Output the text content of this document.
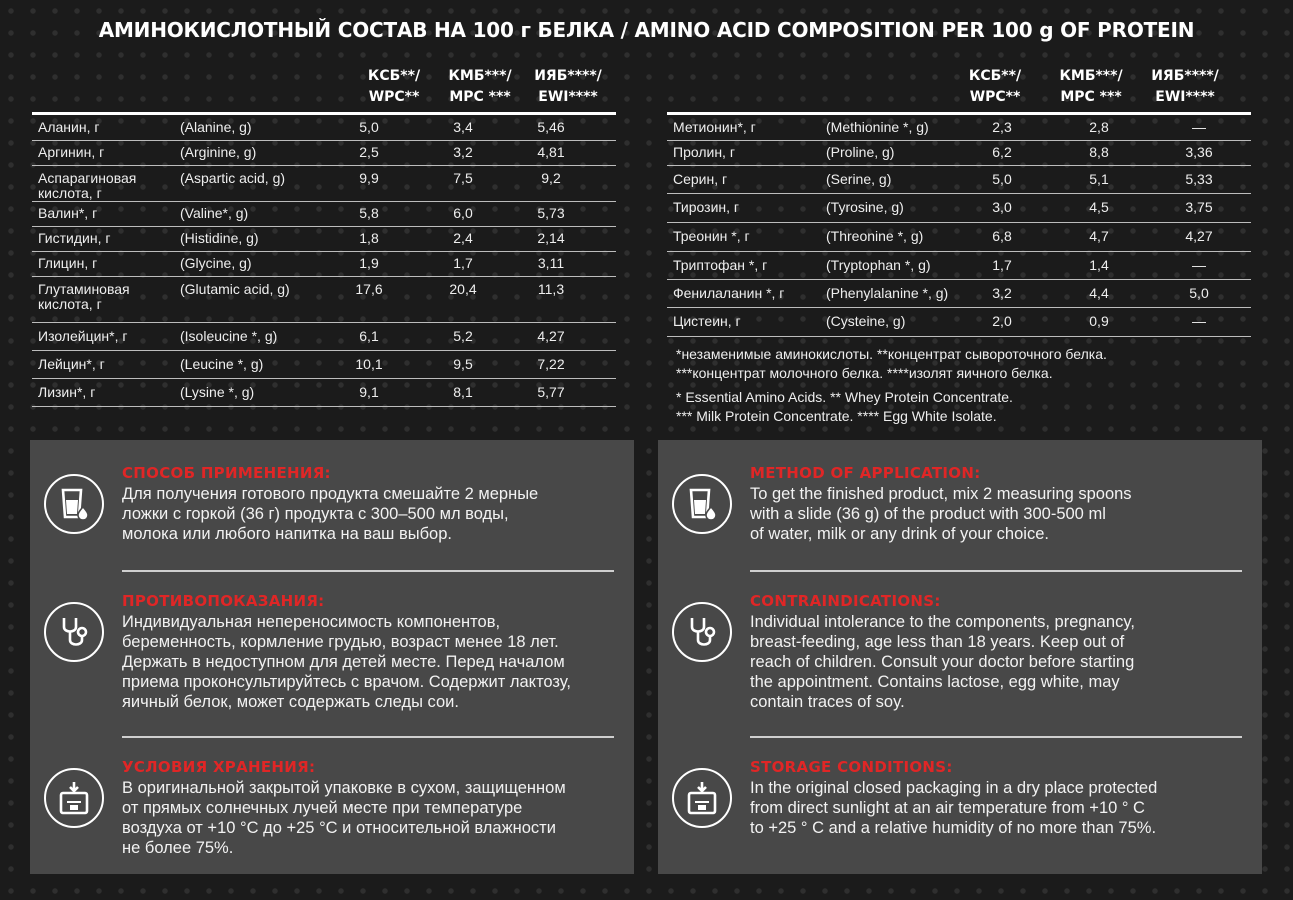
АМИНОКИСЛОТНЫЙ СОСТАВ НА 100 г БЕЛКА / AMINO ACID COMPOSITION PER 100 g OF PROTEIN
КСБ**/
WPC**
КМБ***/
MPC ***
ИЯБ****/
EWI****
Аланин, г	(Alanine, g)	5,0	3,4	5,46
Аргинин, г	(Arginine, g)	2,5	3,2	4,81
Аспарагиновая кислота, г
(Aspartic acid, g)	9,9	7,5	9,2
Валин*, г	(Valine*, g)	5,8	6,0	5,73
Гистидин, г	(Histidine, g)	1,8	2,4	2,14
Глицин, г	(Glycine, g)	1,9	1,7	3,11
Глутаминовая кислота, г
(Glutamic acid, g)	17,6	20,4	11,3
Изолейцин*, г	(Isoleucine *, g)	6,1	5,2	4,27
Лейцин*, г	(Leucine *, g)	10,1	9,5	7,22
Лизин*, г	(Lysine *, g)	9,1	8,1	5,77
КСБ**/
WPC**
КМБ***/
MPC ***
ИЯБ****/
EWI****
Метионин*, г	(Methionine *, g)	2,3	2,8	—
Пролин, г	(Proline, g)	6,2	8,8	3,36
Серин, г	(Serine, g)	5,0	5,1	5,33
Тирозин, г	(Tyrosine, g)	3,0	4,5	3,75
Треонин *, г	(Threonine *, g)	6,8	4,7	4,27
Триптофан *, г	(Tryptophan *, g)	1,7	1,4	—
Фенилаланин *, г	(Phenylalanine *, g)	3,2	4,4	5,0
Цистеин, г	(Cysteine, g)	2,0	0,9	—
*незаменимые аминокислоты. **концентрат сывороточного белка.
***концентрат молочного белка. ****изолят яичного белка.
* Essential Amino Acids. ** Whey Protein Concentrate.
*** Milk Protein Concentrate. **** Egg White Isolate.
СПОСОБ ПРИМЕНЕНИЯ:
Для получения готового продукта смешайте 2 мерные
ложки с горкой (36 г) продукта с 300–500 мл воды,
молока или любого напитка на ваш выбор.
ПРОТИВОПОКАЗАНИЯ:
Индивидуальная непереносимость компонентов,
беременность, кормление грудью, возраст менее 18 лет.
Держать в недоступном для детей месте. Перед началом
приема проконсультируйтесь с врачом. Содержит лактозу,
яичный белок, может содержать следы сои.
УСЛОВИЯ ХРАНЕНИЯ:
В оригинальной закрытой упаковке в сухом, защищенном
от прямых солнечных лучей месте при температуре
воздуха от +10 °С до +25 °С и относительной влажности
не более 75%.
METHOD OF APPLICATION:
To get the finished product, mix 2 measuring spoons
with a slide (36 g) of the product with 300-500 ml
of water, milk or any drink of your choice.
CONTRAINDICATIONS:
Individual intolerance to the components, pregnancy,
breast-feeding, age less than 18 years. Keep out of
reach of children. Consult your doctor before starting
the appointment. Contains lactose, egg white, may
contain traces of soy.
STORAGE CONDITIONS:
In the original closed packaging in a dry place protected
from direct sunlight at an air temperature from +10 ° C
to +25 ° C and a relative humidity of no more than 75%.
